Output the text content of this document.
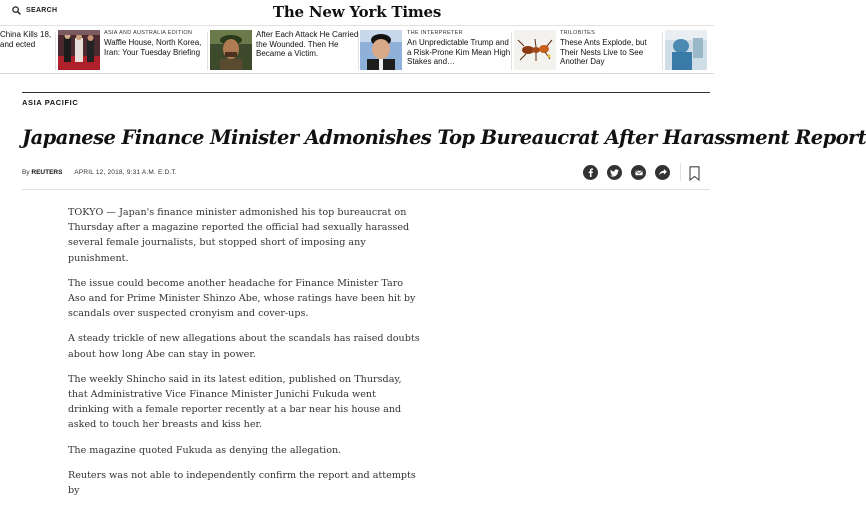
SEARCH	The New York Times
China Kills 18, and ected
ASIA AND AUSTRALIA EDITION
Waffle House, North Korea, Iran: Your Tuesday Briefing
After Each Attack He Carried the Wounded. Then He Became a Victim.
THE INTERPRETER
An Unpredictable Trump and a Risk-Prone Kim Mean High Stakes and…
TRILOBITES
These Ants Explode, but Their Nests Live to See Another Day
ASIA PACIFIC
Japanese Finance Minister Admonishes Top Bureaucrat After Harassment Report
By REUTERS APRIL 12, 2018, 9:31 A.M. E.D.T.

TOKYO — Japan's finance minister admonished his top bureaucrat on Thursday after a magazine reported the official had sexually harassed several female journalists, but stopped short of imposing any punishment.

The issue could become another headache for Finance Minister Taro Aso and for Prime Minister Shinzo Abe, whose ratings have been hit by scandals over suspected cronyism and cover-ups.

A steady trickle of new allegations about the scandals has raised doubts about how long Abe can stay in power.

The weekly Shincho said in its latest edition, published on Thursday, that Administrative Vice Finance Minister Junichi Fukuda went drinking with a female reporter recently at a bar near his house and asked to touch her breasts and kiss her.

The magazine quoted Fukuda as denying the allegation.

Reuters was not able to independently confirm the report and attempts by
